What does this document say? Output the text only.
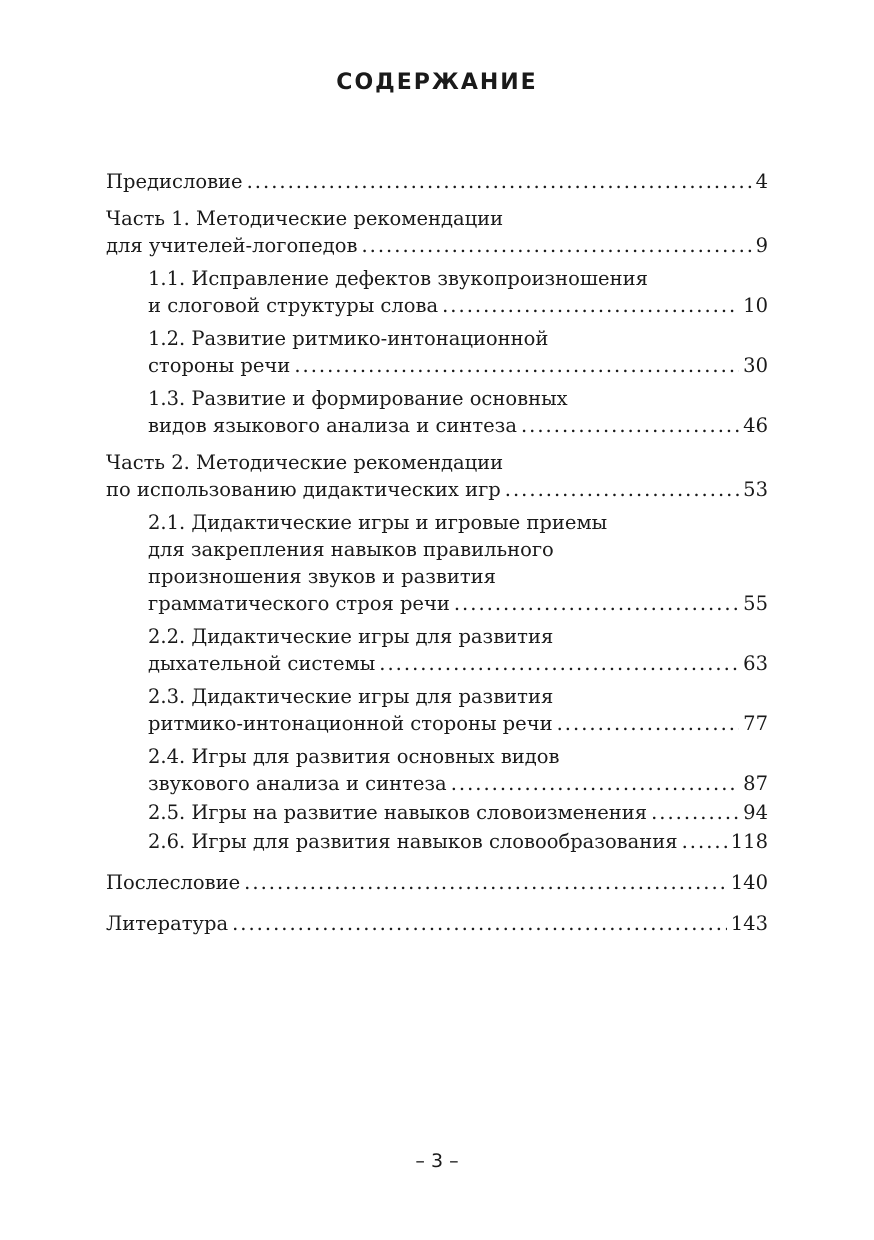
СОДЕРЖАНИЕ
Предисловие .....	4
Часть 1. Методические рекомендации
для учителей-логопедов .....	9
1.1. Исправление дефектов звукопроизношения
и слоговой структуры слова .....	10
1.2. Развитие ритмико-интонационной
стороны речи .....	30
1.3. Развитие и формирование основных
видов языкового анализа и синтеза .....	46
Часть 2. Методические рекомендации
по использованию дидактических игр .....	53
2.1. Дидактические игры и игровые приемы
для закрепления навыков правильного
произношения звуков и развития
грамматического строя речи .....	55
2.2. Дидактические игры для развития
дыхательной системы .....	63
2.3. Дидактические игры для развития
ритмико-интонационной стороны речи .....	77
2.4. Игры для развития основных видов
звукового анализа и синтеза .....	87
2.5. Игры на развитие навыков словоизменения .....	94
2.6. Игры для развития навыков словообразования .....	118
Послесловие .....	140
Литература .....	143
– 3 –
